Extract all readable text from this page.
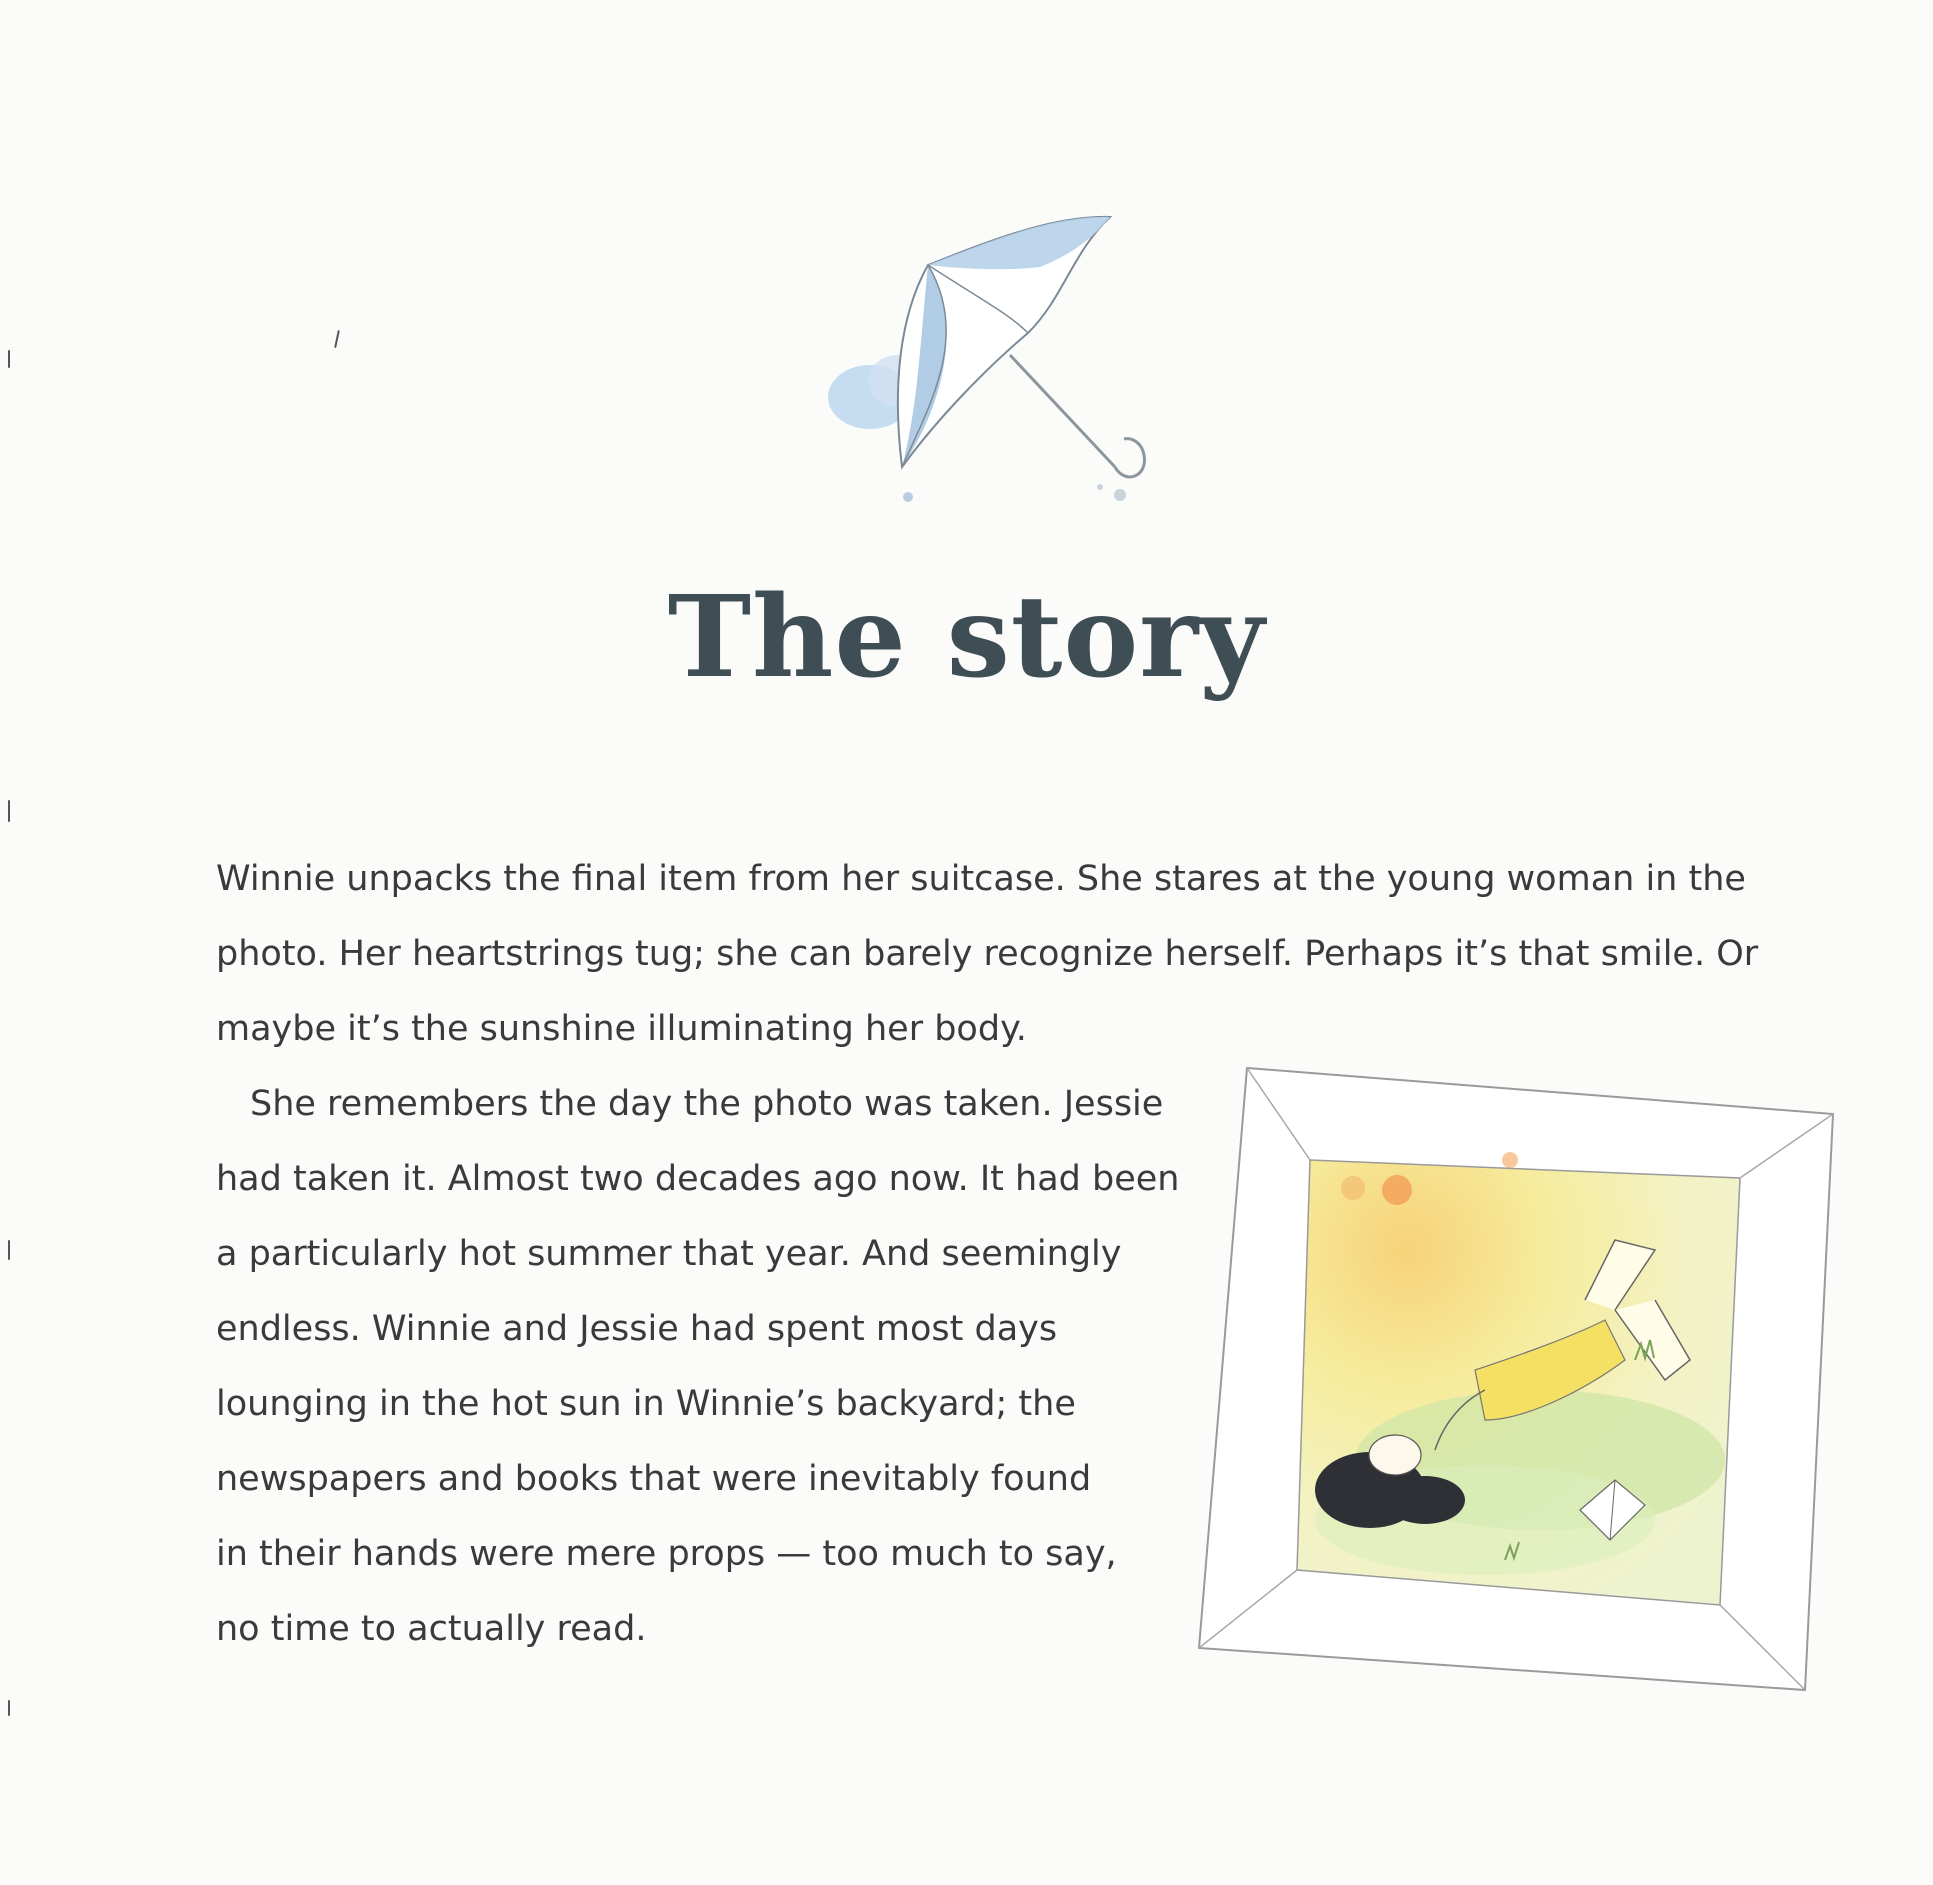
The story

Winnie unpacks the final item from her suitcase. She stares at the young woman in the
photo. Her heartstrings tug; she can barely recognize herself. Perhaps it’s that smile. Or
maybe it’s the sunshine illuminating her body.

She remembers the day the photo was taken. Jessie
had taken it. Almost two decades ago now. It had been
a particularly hot summer that year. And seemingly
endless. Winnie and Jessie had spent most days
lounging in the hot sun in Winnie’s backyard; the
newspapers and books that were inevitably found
in their hands were mere props — too much to say,
no time to actually read.
